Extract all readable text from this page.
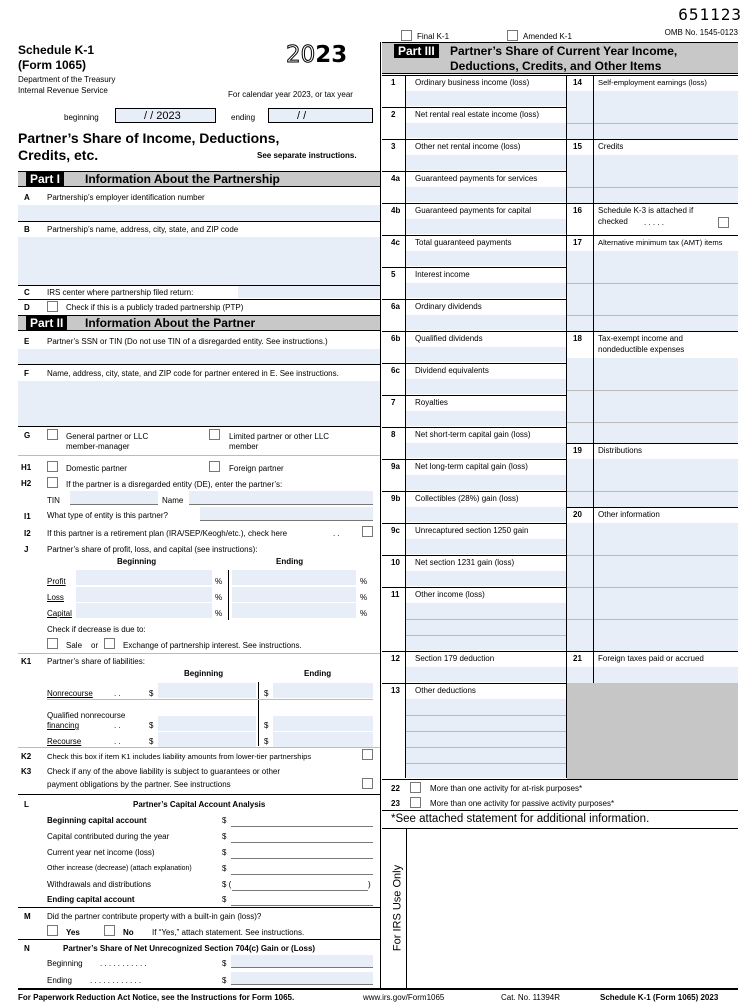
651123
OMB No. 1545-0123
Final K-1	Amended K-1
Schedule K-1
(Form 1065)
Department of the Treasury
Internal Revenue Service
2023
For calendar year 2023, or tax year
beginning	/ / 2023	ending	/ /
Partner’s Share of Income, Deductions,
Credits, etc.	See separate instructions.
Part I	Information About the Partnership
A Partnership’s employer identification number
B Partnership’s name, address, city, state, and ZIP code
C IRS center where partnership filed return:
D	Check if this is a publicly traded partnership (PTP)
Part II	Information About the Partner
E Partner’s SSN or TIN (Do not use TIN of a disregarded entity. See instructions.)
F Name, address, city, state, and ZIP code for partner entered in E. See instructions.
G	General partner or LLC
member-manager
Limited partner or other LLC
member
H1	Domestic partner	Foreign partner
H2	If the partner is a disregarded entity (DE), enter the partner’s:
TIN	Name
I1 What type of entity is this partner?
I2 If this partner is a retirement plan (IRA/SEP/Keogh/etc.), check here	. .
J Partner’s share of profit, loss, and capital (see instructions):
Beginning	Ending
Profit	%	%
Loss	%	%
Capital	%	%
Check if decrease is due to:
Sale or	Exchange of partnership interest. See instructions.
K1 Partner’s share of liabilities:
Beginning	Ending
Nonrecourse	. .	$	$
Qualified nonrecourse
financing	. .	$	$
Recourse	. .	$	$
K2 Check this box if item K1 includes liability amounts from lower-tier partnerships
K3 Check if any of the above liability is subject to guarantees or other
payment obligations by the partner. See instructions
L	Partner’s Capital Account Analysis
Beginning capital account	$
Capital contributed during the year	$
Current year net income (loss)	$
Other increase (decrease) (attach explanation)	$
Withdrawals and distributions	$ (	)
Ending capital account	$
M Did the partner contribute property with a built-in gain (loss)?
Yes	No If “Yes,” attach statement. See instructions.
N	Partner’s Share of Net Unrecognized Section 704(c) Gain or (Loss)
Beginning . . . . . . . . . . .	$
Ending . . . . . . . . . . . .	$
Part III	Partner’s Share of Current Year Income,
Deductions, Credits, and Other Items
1 Ordinary business income (loss)
2 Net rental real estate income (loss)
3 Other net rental income (loss)
4a Guaranteed payments for services
4b Guaranteed payments for capital
4c Total guaranteed payments
5 Interest income
6a Ordinary dividends
6b Qualified dividends
6c Dividend equivalents
7 Royalties
8 Net short-term capital gain (loss)
9a Net long-term capital gain (loss)
9b Collectibles (28%) gain (loss)
9c Unrecaptured section 1250 gain
10 Net section 1231 gain (loss)
11 Other income (loss)
12 Section 179 deduction
13 Other deductions
14 Self-employment earnings (loss)
15 Credits
16 Schedule K-3 is attached if
checked . . . . .
17 Alternative minimum tax (AMT) items
18 Tax-exempt income and
nondeductible expenses
19 Distributions
20 Other information
21 Foreign taxes paid or accrued
22	More than one activity for at-risk purposes*
23	More than one activity for passive activity purposes*
*See attached statement for additional information.
For IRS Use Only
For Paperwork Reduction Act Notice, see the Instructions for Form 1065.	www.irs.gov/Form1065	Cat. No. 11394R	Schedule K-1 (Form 1065) 2023
